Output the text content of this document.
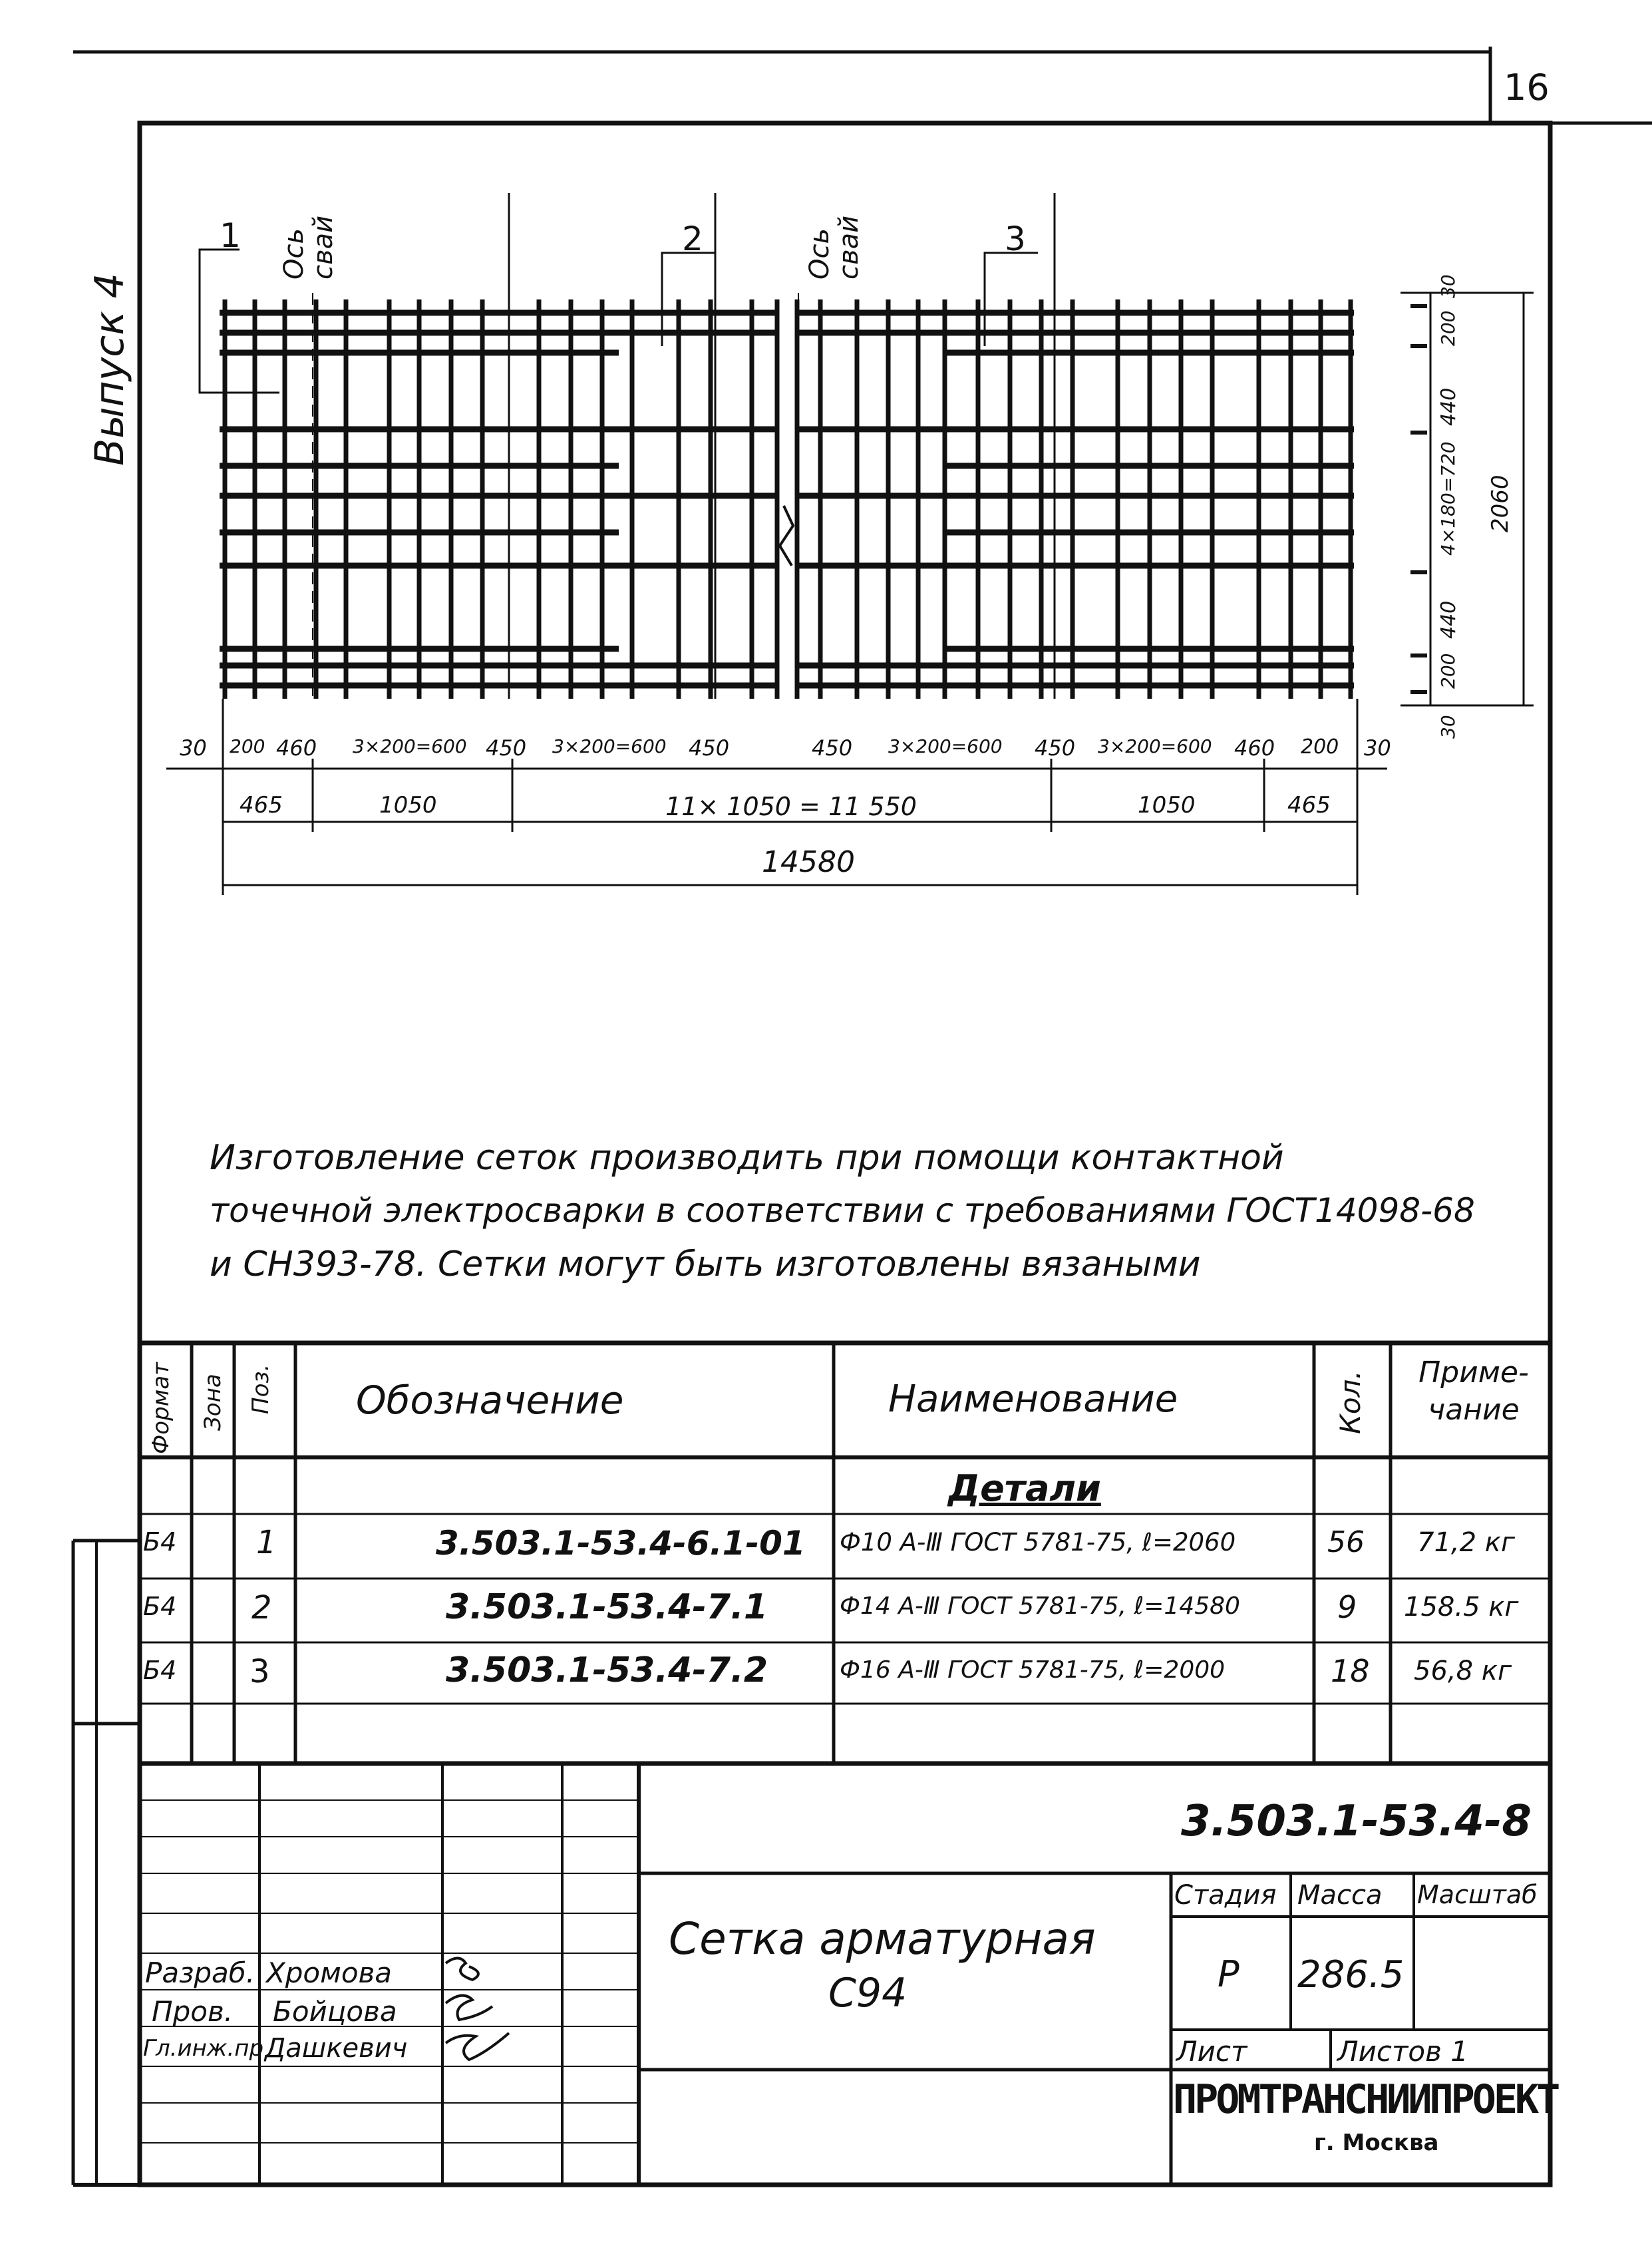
16
Выпуск 4
1	2	3
Ось
свай	Ось
свай
30 200 460 3×200=600 450 3×200=600 450	450 3×200=600 450 3×200=600 460 200 30
465	1050	11× 1050 = 11 550	1050	465
14580
30
200
440
4×180=720
440
200
30
2060
Изготовление сеток производить при помощи контактной
точечной электросварки в соответствии с требованиями ГОСТ14098-68
и СН393-78. Сетки могут быть изготовлены вязаными
Формат Зона Поз. Обозначение	Наименование	Кол.	Приме- чание
Детали
Б4 1	3.503.1-53.4-6.1-01 Ф10 А-Ⅲ ГОСТ 5781-75, ℓ=2060	56 71,2 кг
Б4 2	3.503.1-53.4-7.1	Ф14 А-Ⅲ ГОСТ 5781-75, ℓ=14580	9 158.5 кг
Б4 3	3.503.1-53.4-7.2	Ф16 А-Ⅲ ГОСТ 5781-75, ℓ=2000	18 56,8 кг
3.503.1-53.4-8
Сетка арматурная
С94
Стадия Масса Масштаб
Р 286.5
Лист	Листов 1
ПРОМТРАНСНИИПРОЕКТ
г. Москва
Разраб. Хромова
Пров. Бойцова
Гл.инж.пр Дашкевич
